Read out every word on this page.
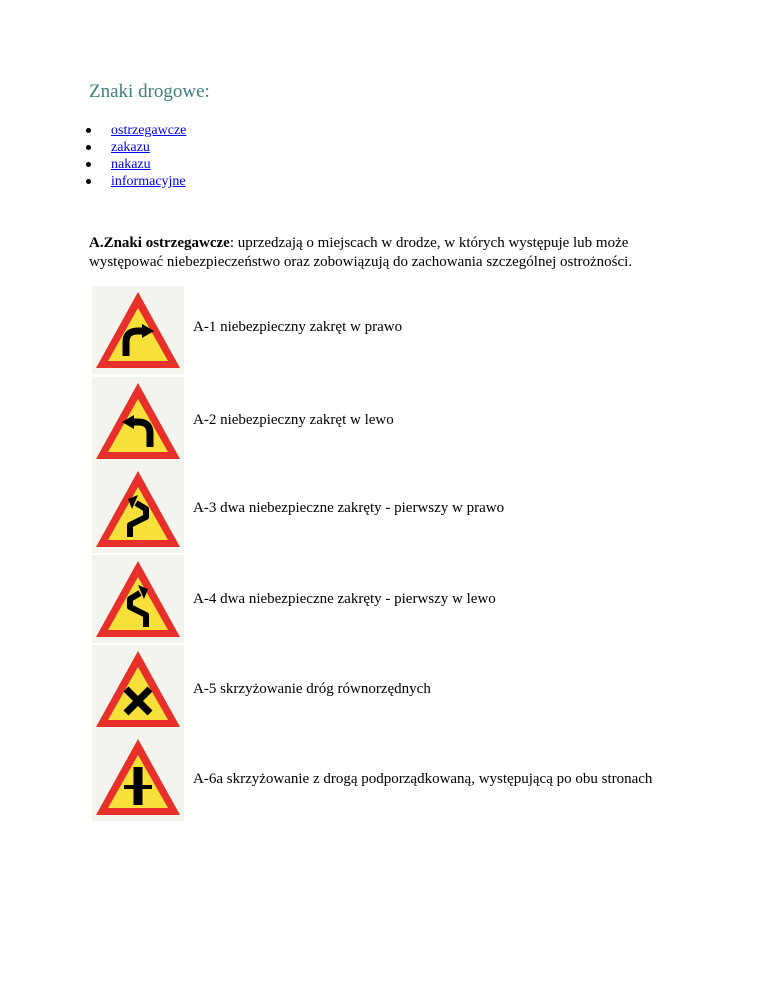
Znaki drogowe:
ostrzegawcze
zakazu
nakazu
informacyjne
A.Znaki ostrzegawcze: uprzedzają o miejscach w drodze, w których występuje lub może występować niebezpieczeństwo oraz zobowiązują do zachowania szczególnej ostrożności.
A-1 niebezpieczny zakręt w prawo
A-2 niebezpieczny zakręt w lewo
A-3 dwa niebezpieczne zakręty - pierwszy w prawo
A-4 dwa niebezpieczne zakręty - pierwszy w lewo
A-5 skrzyżowanie dróg równorzędnych
A-6a skrzyżowanie z drogą podporządkowaną, występującą po obu stronach
